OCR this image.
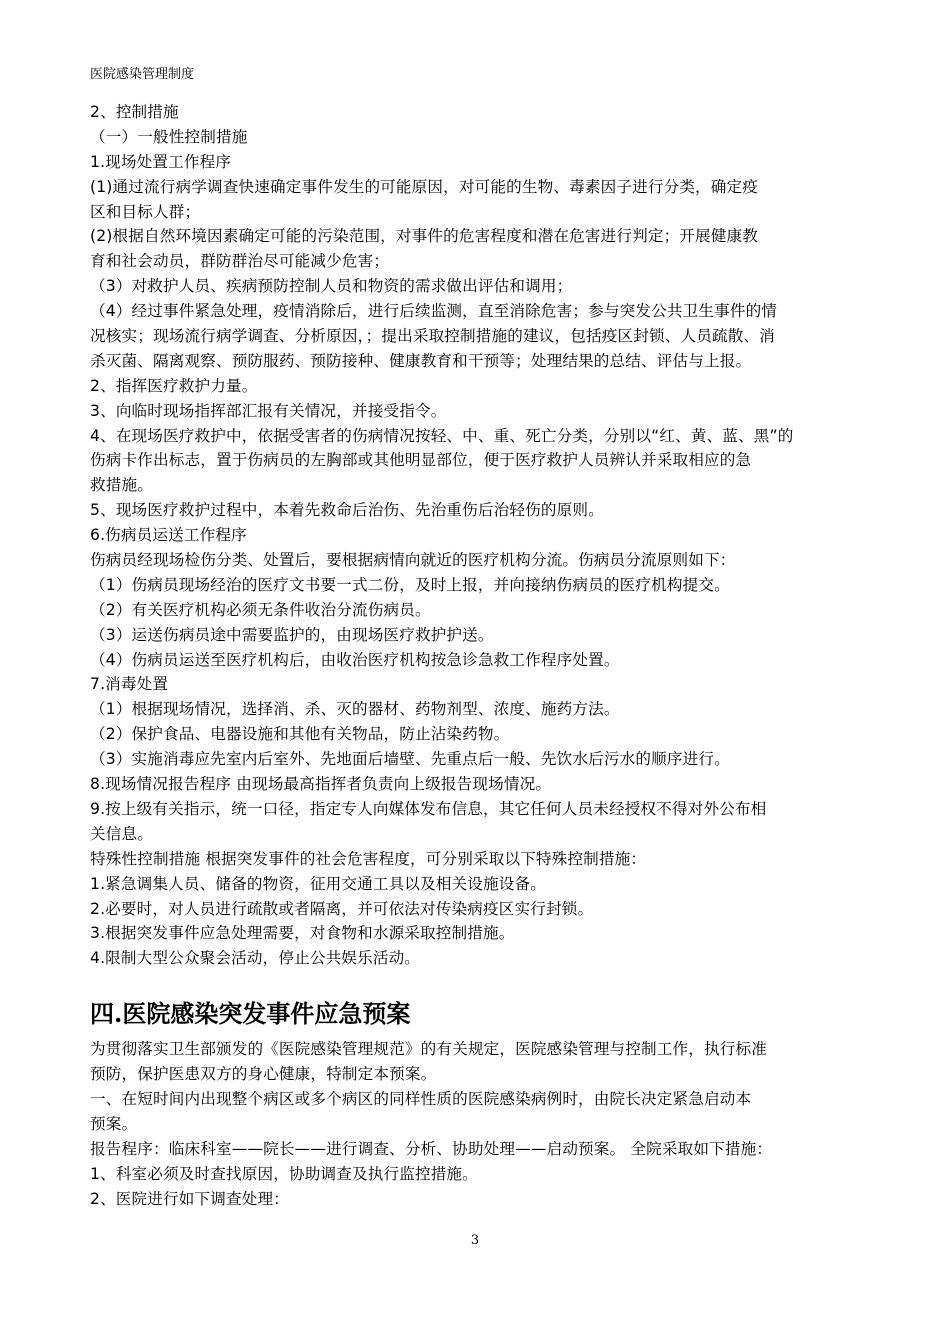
医院感染管理制度
2、控制措施
（一）一般性控制措施
1.现场处置工作程序
(1)通过流行病学调查快速确定事件发生的可能原因，对可能的生物、毒素因子进行分类，确定疫
区和目标人群；
(2)根据自然环境因素确定可能的污染范围，对事件的危害程度和潜在危害进行判定；开展健康教
育和社会动员，群防群治尽可能减少危害；
（3）对救护人员、疾病预防控制人员和物资的需求做出评估和调用；
（4）经过事件紧急处理，疫情消除后，进行后续监测，直至消除危害；参与突发公共卫生事件的情
况核实；现场流行病学调查、分析原因，；提出采取控制措施的建议，包括疫区封锁、人员疏散、消
杀灭菌、隔离观察、预防服药、预防接种、健康教育和干预等；处理结果的总结、评估与上报。
2、指挥医疗救护力量。
3、向临时现场指挥部汇报有关情况，并接受指令。
4、在现场医疗救护中，依据受害者的伤病情况按轻、中、重、死亡分类，分别以“红、黄、蓝、黑”的
伤病卡作出标志，置于伤病员的左胸部或其他明显部位，便于医疗救护人员辨认并采取相应的急
救措施。
5、现场医疗救护过程中，本着先救命后治伤、先治重伤后治轻伤的原则。
6.伤病员运送工作程序
伤病员经现场检伤分类、处置后，要根据病情向就近的医疗机构分流。伤病员分流原则如下：
（1）伤病员现场经治的医疗文书要一式二份，及时上报，并向接纳伤病员的医疗机构提交。
（2）有关医疗机构必须无条件收治分流伤病员。
（3）运送伤病员途中需要监护的，由现场医疗救护护送。
（4）伤病员运送至医疗机构后，由收治医疗机构按急诊急救工作程序处置。
7.消毒处置
（1）根据现场情况，选择消、杀、灭的器材、药物剂型、浓度、施药方法。
（2）保护食品、电器设施和其他有关物品，防止沾染药物。
（3）实施消毒应先室内后室外、先地面后墙壁、先重点后一般、先饮水后污水的顺序进行。
8.现场情况报告程序 由现场最高指挥者负责向上级报告现场情况。
9.按上级有关指示，统一口径，指定专人向媒体发布信息，其它任何人员未经授权不得对外公布相
关信息。
特殊性控制措施 根据突发事件的社会危害程度，可分别采取以下特殊控制措施：
1.紧急调集人员、储备的物资，征用交通工具以及相关设施设备。
2.必要时，对人员进行疏散或者隔离，并可依法对传染病疫区实行封锁。
3.根据突发事件应急处理需要，对食物和水源采取控制措施。
4.限制大型公众聚会活动，停止公共娱乐活动。
四.医院感染突发事件应急预案
为贯彻落实卫生部颁发的《医院感染管理规范》的有关规定，医院感染管理与控制工作，执行标准
预防，保护医患双方的身心健康，特制定本预案。
一、在短时间内出现整个病区或多个病区的同样性质的医院感染病例时，由院长决定紧急启动本
预案。
报告程序：临床科室——院长——进行调查、分析、协助处理——启动预案。 全院采取如下措施：
1、科室必须及时查找原因，协助调查及执行监控措施。
2、医院进行如下调查处理：
3
